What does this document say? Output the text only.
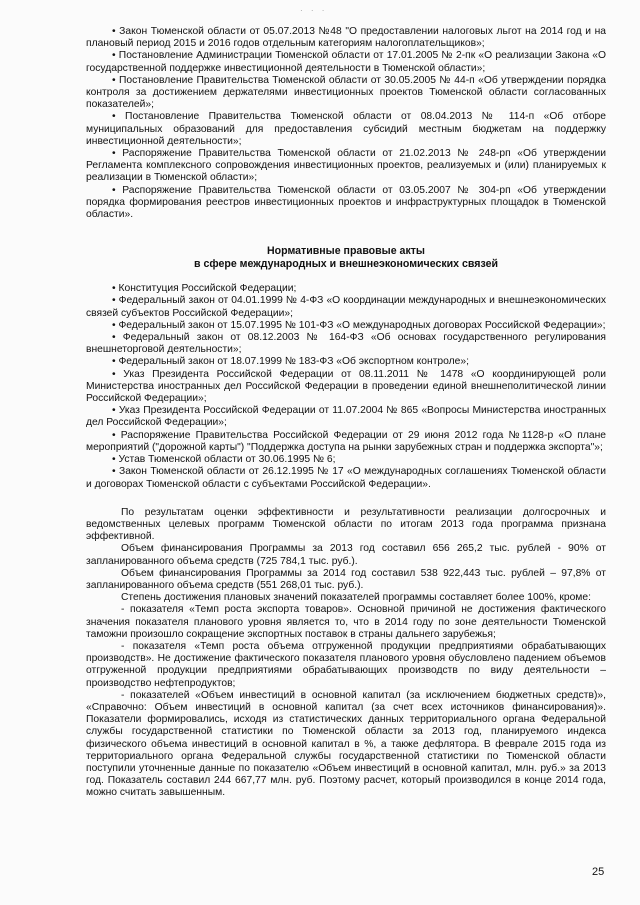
· · ·

• Закон Тюменской области от 05.07.2013 №48 "О предоставлении налоговых льгот на 2014 год и на плановый период 2015 и 2016 годов отдельным категориям налогоплательщиков»;

• Постановление Администрации Тюменской области от 17.01.2005 № 2-пк «О реализации Закона «О государственной поддержке инвестиционной деятельности в Тюменской области»;

• Постановление Правительства Тюменской области от 30.05.2005 № 44-п «Об утверждении порядка контроля за достижением держателями инвестиционных проектов Тюменской области согласованных показателей»;

• Постановление Правительства Тюменской области от 08.04.2013 № 114-п «Об отборе муниципальных образований для предоставления субсидий местным бюджетам на поддержку инвестиционной деятельности»;

• Распоряжение Правительства Тюменской области от 21.02.2013 № 248-рп «Об утверждении Регламента комплексного сопровождения инвестиционных проектов, реализуемых и (или) планируемых к реализации в Тюменской области»;

• Распоряжение Правительства Тюменской области от 03.05.2007 № 304-рп «Об утверждении порядка формирования реестров инвестиционных проектов и инфраструктурных площадок в Тюменской области».

Нормативные правовые акты
в сфере международных и внешнеэкономических связей

• Конституция Российской Федерации;

• Федеральный закон от 04.01.1999 № 4-ФЗ «О координации международных и внешнеэкономических связей субъектов Российской Федерации»;

• Федеральный закон от 15.07.1995 № 101-ФЗ «О международных договорах Российской Федерации»;

• Федеральный закон от 08.12.2003 № 164-ФЗ «Об основах государственного регулирования внешнеторговой деятельности»;

• Федеральный закон от 18.07.1999 № 183-ФЗ «Об экспортном контроле»;

• Указ Президента Российской Федерации от 08.11.2011 № 1478 «О координирующей роли Министерства иностранных дел Российской Федерации в проведении единой внешнеполитической линии Российской Федерации»;

• Указ Президента Российской Федерации от 11.07.2004 № 865 «Вопросы Министерства иностранных дел Российской Федерации»;

• Распоряжение Правительства Российской Федерации от 29 июня 2012 года №1128-р «О плане мероприятий ("дорожной карты") "Поддержка доступа на рынки зарубежных стран и поддержка экспорта"»;

• Устав Тюменской области от 30.06.1995 № 6;

• Закон Тюменской области от 26.12.1995 № 17 «О международных соглашениях Тюменской области и договорах Тюменской области с субъектами Российской Федерации».

По результатам оценки эффективности и результативности реализации долгосрочных и ведомственных целевых программ Тюменской области по итогам 2013 года программа признана эффективной.

Объем финансирования Программы за 2013 год составил 656 265,2 тыс. рублей - 90% от запланированного объема средств (725 784,1 тыс. руб.).

Объем финансирования Программы за 2014 год составил 538 922,443 тыс. рублей – 97,8% от запланированного объема средств (551 268,01 тыс. руб.).

Степень достижения плановых значений показателей программы составляет более 100%, кроме:

- показателя «Темп роста экспорта товаров». Основной причиной не достижения фактического значения показателя планового уровня является то, что в 2014 году по зоне деятельности Тюменской таможни произошло сокращение экспортных поставок в страны дальнего зарубежья;

- показателя «Темп роста объема отгруженной продукции предприятиями обрабатывающих производств». Не достижение фактического показателя планового уровня обусловлено падением объемов отгруженной продукции предприятиями обрабатывающих производств по виду деятельности – производство нефтепродуктов;

- показателей «Объем инвестиций в основной капитал (за исключением бюджетных средств)», «Справочно: Объем инвестиций в основной капитал (за счет всех источников финансирования)». Показатели формировались, исходя из статистических данных территориального органа Федеральной службы государственной статистики по Тюменской области за 2013 год, планируемого индекса физического объема инвестиций в основной капитал в %, а также дефлятора. В феврале 2015 года из территориального органа Федеральной службы государственной статистики по Тюменской области поступили уточненные данные по показателю «Объем инвестиций в основной капитал, млн. руб.» за 2013 год. Показатель составил 244 667,77 млн. руб. Поэтому расчет, который производился в конце 2014 года, можно считать завышенным.

25
